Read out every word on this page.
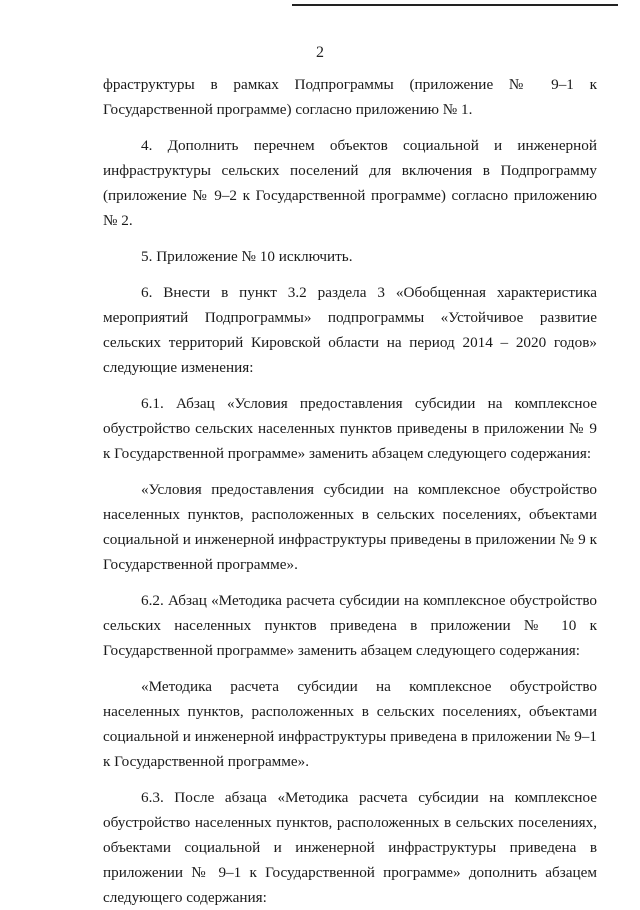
2

фраструктуры в рамках Подпрограммы (приложение № 9–1 к Государственной программе) согласно приложению № 1.

4. Дополнить перечнем объектов социальной и инженерной инфраструктуры сельских поселений для включения в Подпрограмму (приложение № 9–2 к Государственной программе) согласно приложению № 2.

5. Приложение № 10 исключить.

6. Внести в пункт 3.2 раздела 3 «Обобщенная характеристика мероприятий Подпрограммы» подпрограммы «Устойчивое развитие сельских территорий Кировской области на период 2014 – 2020 годов» следующие изменения:

6.1. Абзац «Условия предоставления субсидии на комплексное обустройство сельских населенных пунктов приведены в приложении № 9 к Государственной программе» заменить абзацем следующего содержания:

«Условия предоставления субсидии на комплексное обустройство населенных пунктов, расположенных в сельских поселениях, объектами социальной и инженерной инфраструктуры приведены в приложении № 9 к Государственной программе».

6.2. Абзац «Методика расчета субсидии на комплексное обустройство сельских населенных пунктов приведена в приложении № 10 к Государственной программе» заменить абзацем следующего содержания:

«Методика расчета субсидии на комплексное обустройство населенных пунктов, расположенных в сельских поселениях, объектами социальной и инженерной инфраструктуры приведена в приложении № 9–1 к Государственной программе».

6.3. После абзаца «Методика расчета субсидии на комплексное обустройство населенных пунктов, расположенных в сельских поселениях, объектами социальной и инженерной инфраструктуры приведена в приложении № 9–1 к Государственной программе» дополнить абзацем следующего содержания:
